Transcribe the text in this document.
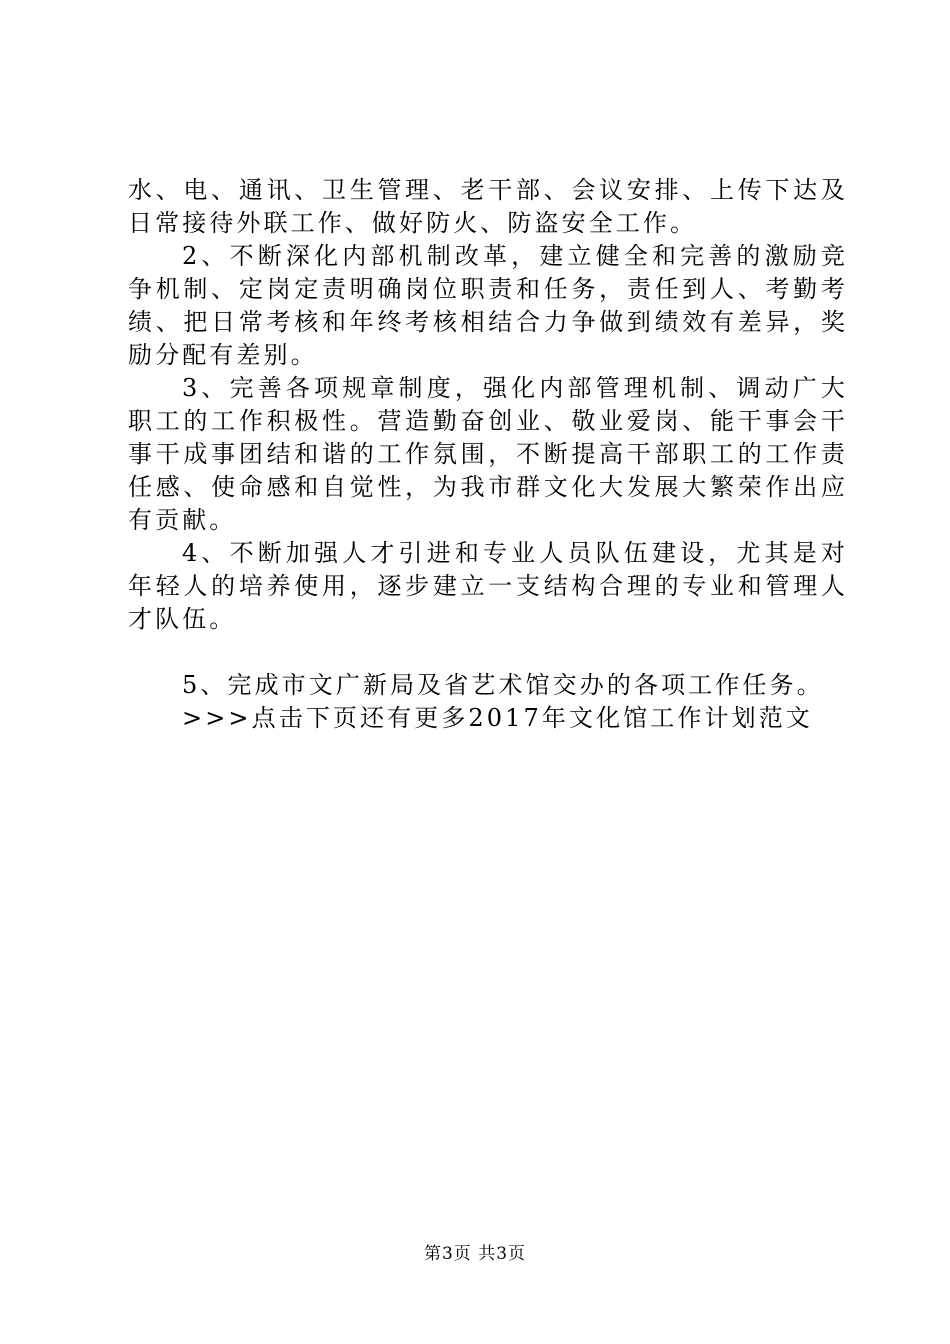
水、电、通讯、卫生管理、老干部、会议安排、上传下达及日常接待外联工作、做好防火、防盗安全工作。

2、不断深化内部机制改革，建立健全和完善的激励竞争机制、定岗定责明确岗位职责和任务，责任到人、考勤考绩、把日常考核和年终考核相结合力争做到绩效有差异，奖励分配有差别。

3、完善各项规章制度，强化内部管理机制、调动广大职工的工作积极性。营造勤奋创业、敬业爱岗、能干事会干事干成事团结和谐的工作氛围，不断提高干部职工的工作责任感、使命感和自觉性，为我市群文化大发展大繁荣作出应有贡献。

4、不断加强人才引进和专业人员队伍建设，尤其是对年轻人的培养使用，逐步建立一支结构合理的专业和管理人才队伍。

5、完成市文广新局及省艺术馆交办的各项工作任务。

>>>点击下页还有更多2017年文化馆工作计划范文

第3页 共3页
